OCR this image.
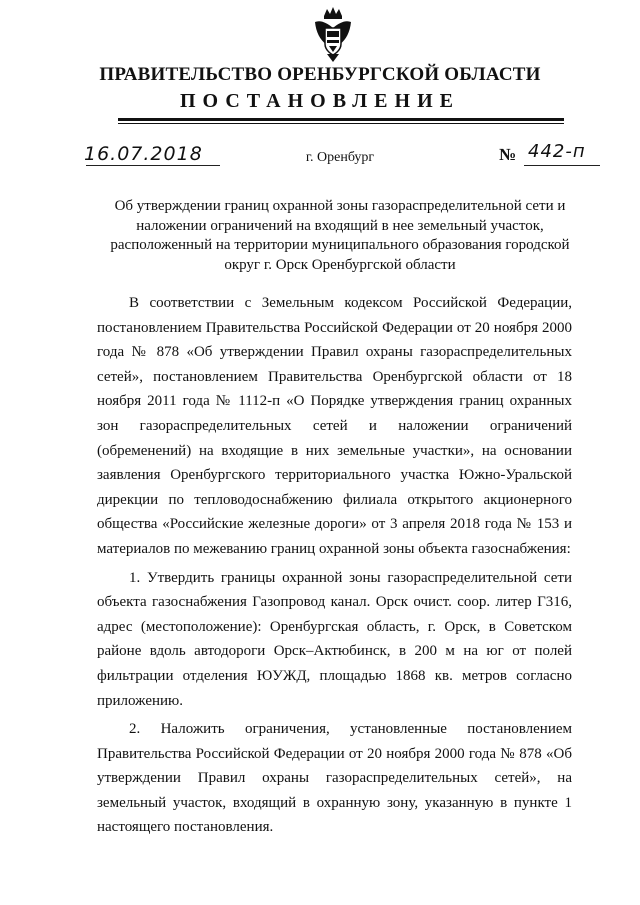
ПРАВИТЕЛЬСТВО ОРЕНБУРГСКОЙ ОБЛАСТИ
ПОСТАНОВЛЕНИЕ
16.07.2018	г. Оренбург	№ 442-п
Об утверждении границ охранной зоны газораспределительной сети и наложении ограничений на входящий в нее земельный участок, расположенный на территории муниципального образования городской округ г. Орск Оренбургской области

В соответствии с Земельным кодексом Российской Федерации, постановлением Правительства Российской Федерации от 20 ноября 2000 года № 878 «Об утверждении Правил охраны газораспределительных сетей», постановлением Правительства Оренбургской области от 18 ноября 2011 года № 1112-п «О Порядке утверждения границ охранных зон газораспределительных сетей и наложении ограничений (обременений) на входящие в них земельные участки», на основании заявления Оренбургского территориального участка Южно-Уральской дирекции по тепловодоснабжению филиала открытого акционерного общества «Российские железные дороги» от 3 апреля 2018 года № 153 и материалов по межеванию границ охранной зоны объекта газоснабжения:

1. Утвердить границы охранной зоны газораспределительной сети объекта газоснабжения Газопровод канал. Орск очист. соор. литер Г316, адрес (местоположение): Оренбургская область, г. Орск, в Советском районе вдоль автодороги Орск–Актюбинск, в 200 м на юг от полей фильтрации отделения ЮУЖД, площадью 1868 кв. метров согласно приложению.

2. Наложить ограничения, установленные постановлением Правительства Российской Федерации от 20 ноября 2000 года № 878 «Об утверждении Правил охраны газораспределительных сетей», на земельный участок, входящий в охранную зону, указанную в пункте 1 настоящего постановления.
